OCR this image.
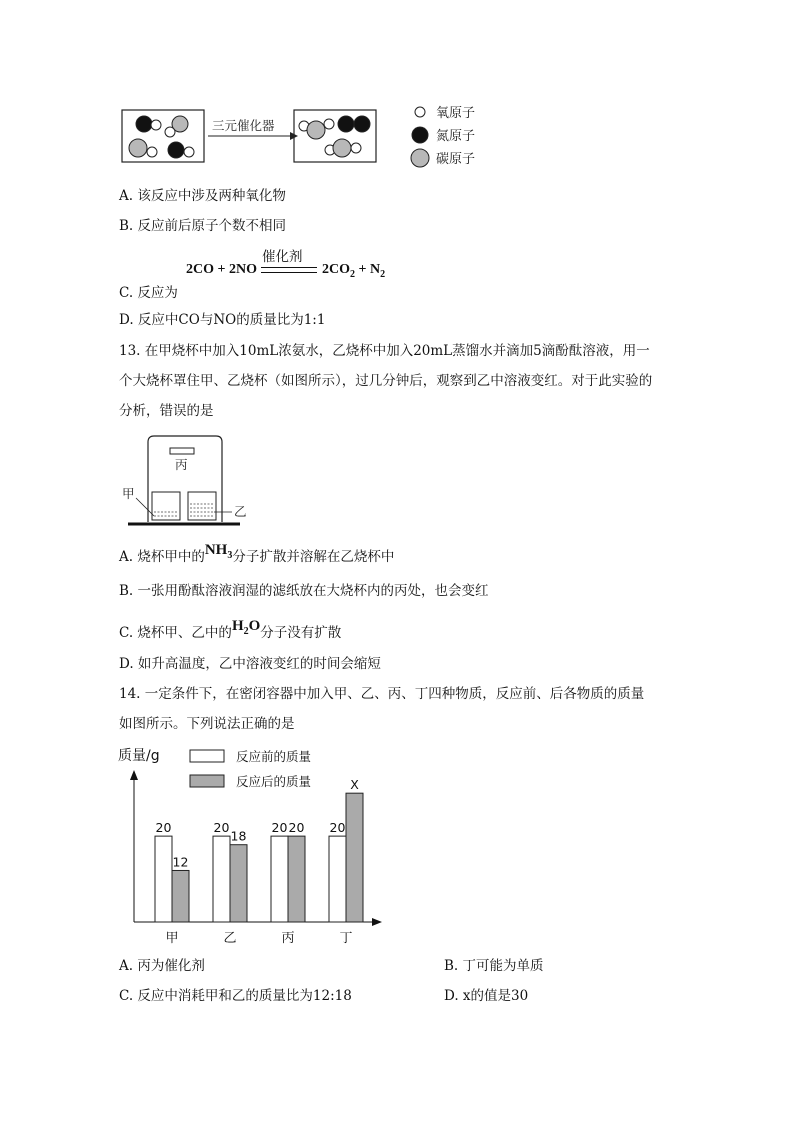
三元催化器
氧原子
氮原子
碳原子
A. 该反应中涉及两种氧化物
B. 反应前后原子个数不相同
催化剂
2CO + 2NO	$2CO_2 + N_2$
C. 反应为
D. 反应中CO与NO的质量比为1:1
13. 在甲烧杯中加入10mL浓氨水，乙烧杯中加入20mL蒸馏水并滴加5滴酚酞溶液，用一
个大烧杯罩住甲、乙烧杯（如图所示），过几分钟后，观察到乙中溶液变红。对于此实验的
分析，错误的是
丙
甲
乙
A. 烧杯甲中的$NH_3$分子扩散并溶解在乙烧杯中
B. 一张用酚酞溶液润湿的滤纸放在大烧杯内的丙处，也会变红
C. 烧杯甲、乙中的$H_2O$分子没有扩散
D. 如升高温度，乙中溶液变红的时间会缩短
14. 一定条件下，在密闭容器中加入甲、乙、丙、丁四种物质，反应前、后各物质的质量
如图所示。下列说法正确的是
质量/g	反应前的质量
反应后的质量
20
12
甲
20
18
乙
20 20
丙
20
X
丁
A. 丙为催化剂	B. 丁可能为单质
C. 反应中消耗甲和乙的质量比为12:18	D. x的值是30
